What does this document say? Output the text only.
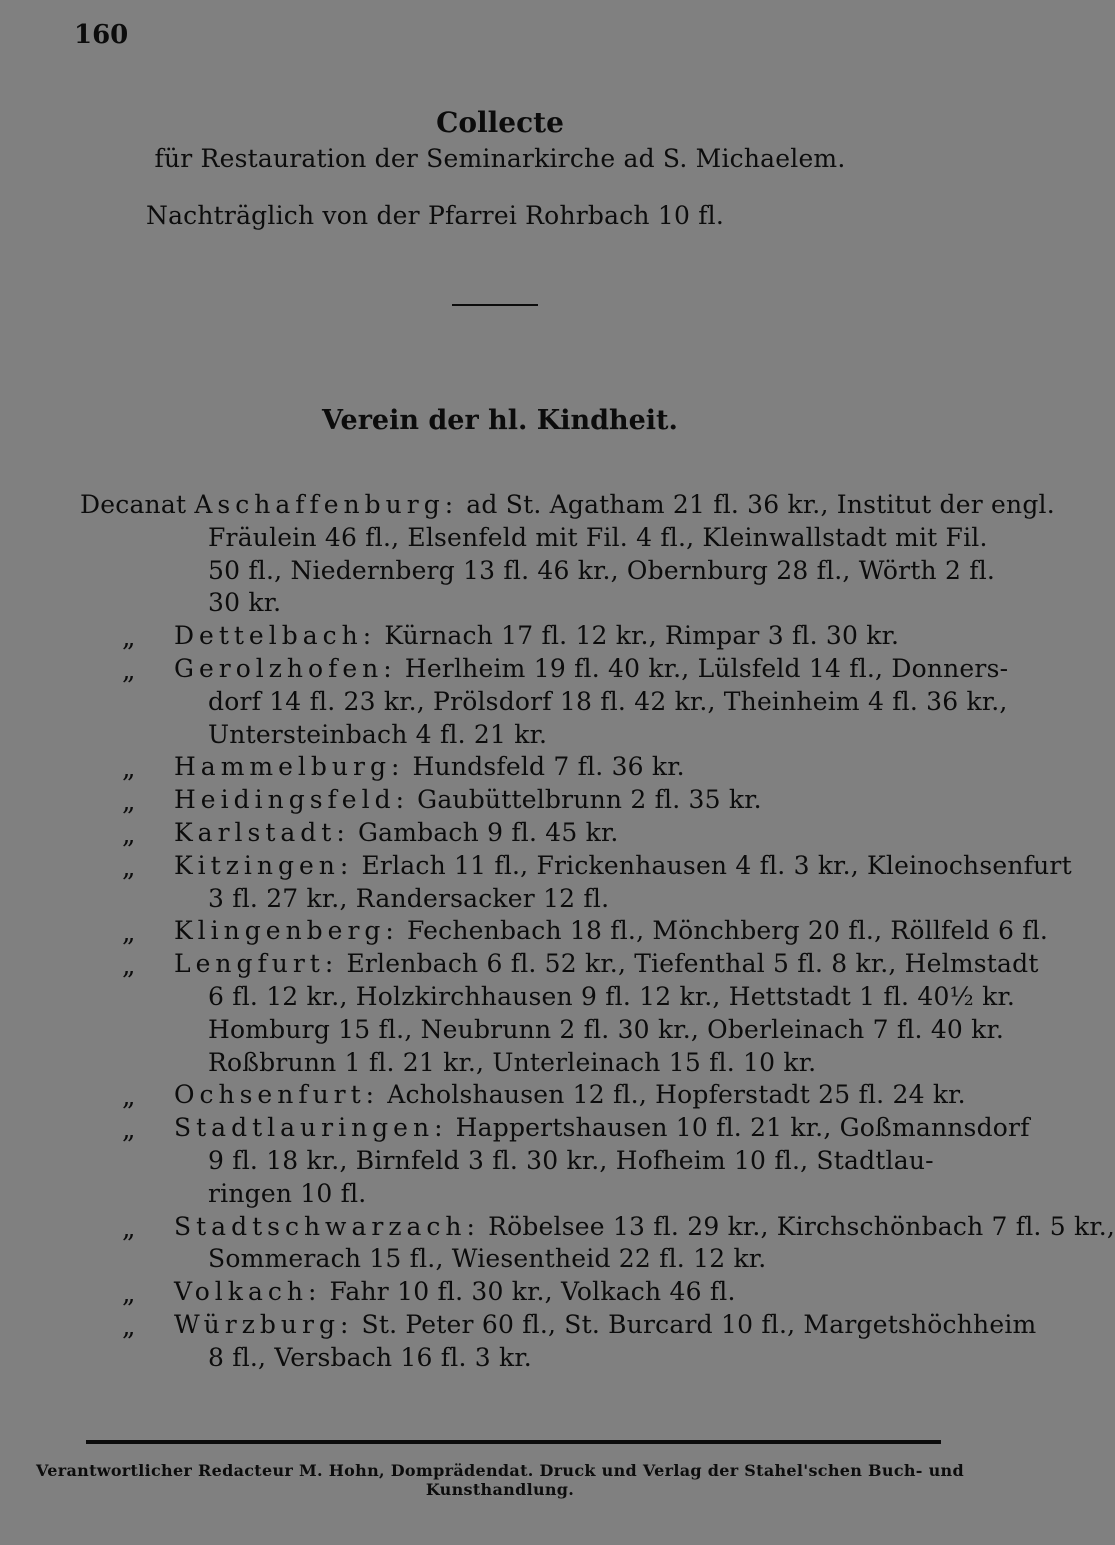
160
Collecte
für Restauration der Seminarkirche ad S. Michaelem.
Nachträglich von der Pfarrei Rohrbach 10 fl.
Verein der hl. Kindheit.
Decanat Aschaffenburg: ad St. Agatham 21 fl. 36 kr., Institut der engl.
Fräulein 46 fl., Elsenfeld mit Fil. 4 fl., Kleinwallstadt mit Fil.
50 fl., Niedernberg 13 fl. 46 kr., Obernburg 28 fl., Wörth 2 fl.
30 kr.
„ Dettelbach: Kürnach 17 fl. 12 kr., Rimpar 3 fl. 30 kr.
„ Gerolzhofen: Herlheim 19 fl. 40 kr., Lülsfeld 14 fl., Donners-
dorf 14 fl. 23 kr., Prölsdorf 18 fl. 42 kr., Theinheim 4 fl. 36 kr.,
Untersteinbach 4 fl. 21 kr.
„ Hammelburg: Hundsfeld 7 fl. 36 kr.
„ Heidingsfeld: Gaubüttelbrunn 2 fl. 35 kr.
„ Karlstadt: Gambach 9 fl. 45 kr.
„ Kitzingen: Erlach 11 fl., Frickenhausen 4 fl. 3 kr., Kleinochsenfurt
3 fl. 27 kr., Randersacker 12 fl.
„ Klingenberg: Fechenbach 18 fl., Mönchberg 20 fl., Röllfeld 6 fl.
„ Lengfurt: Erlenbach 6 fl. 52 kr., Tiefenthal 5 fl. 8 kr., Helmstadt
6 fl. 12 kr., Holzkirchhausen 9 fl. 12 kr., Hettstadt 1 fl. 40½ kr.
Homburg 15 fl., Neubrunn 2 fl. 30 kr., Oberleinach 7 fl. 40 kr.
Roßbrunn 1 fl. 21 kr., Unterleinach 15 fl. 10 kr.
„ Ochsenfurt: Acholshausen 12 fl., Hopferstadt 25 fl. 24 kr.
„ Stadtlauringen: Happertshausen 10 fl. 21 kr., Goßmannsdorf
9 fl. 18 kr., Birnfeld 3 fl. 30 kr., Hofheim 10 fl., Stadtlau-
ringen 10 fl.
„ Stadtschwarzach: Röbelsee 13 fl. 29 kr., Kirchschönbach 7 fl. 5 kr.,
Sommerach 15 fl., Wiesentheid 22 fl. 12 kr.
„ Volkach: Fahr 10 fl. 30 kr., Volkach 46 fl.
„ Würzburg: St. Peter 60 fl., St. Burcard 10 fl., Margetshöchheim
8 fl., Versbach 16 fl. 3 kr.
Verantwortlicher Redacteur M. Hohn, Domprädendat. Druck und Verlag der Stahel'schen Buch- und Kunsthandlung.
